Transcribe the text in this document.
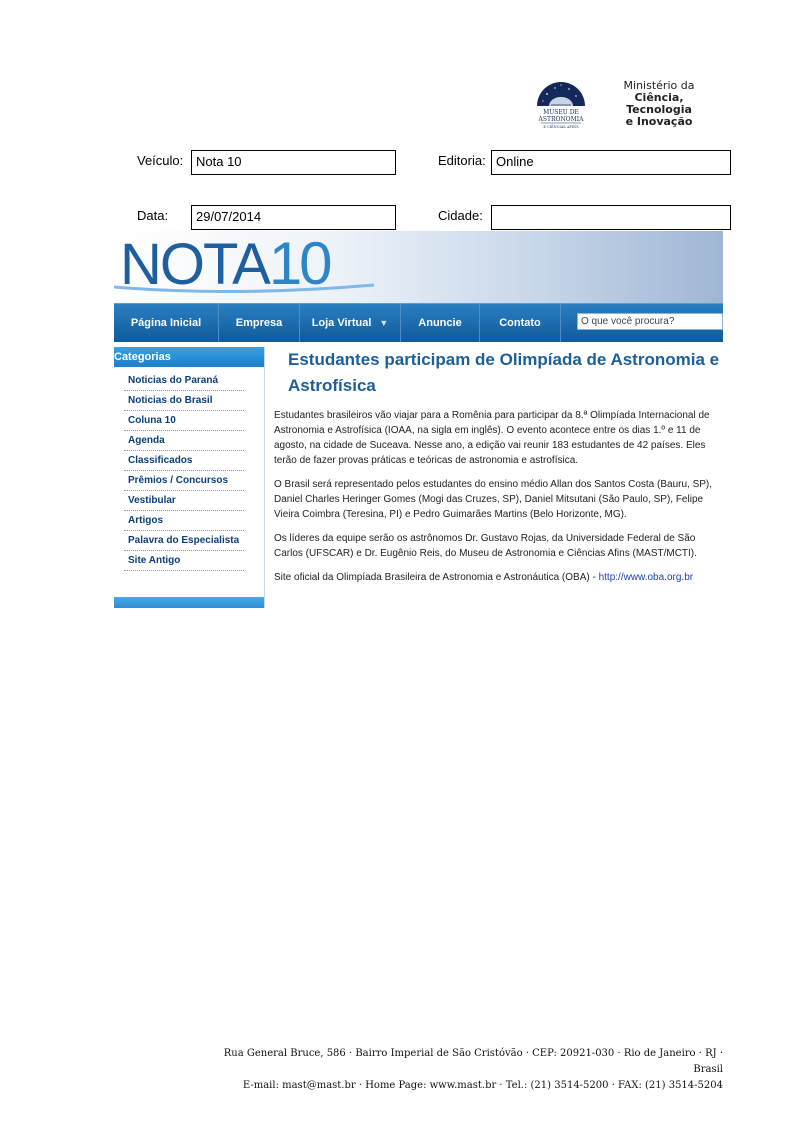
MUSEU DE
ASTRONOMIA
E CIÊNCIAS AFINS
Ministério da
Ciência, Tecnologia
e Inovação
Veículo: Nota 10	Editoria: Online
Data:	29/07/2014	Cidade:
NOTA10
Página Inicial	Empresa	Loja Virtual ▼	Anuncie	Contato	O que você procura?
Categorias
Noticias do Paraná
Noticias do Brasil
Coluna 10
Agenda
Classificados
Prêmios / Concursos
Vestibular
Artigos
Palavra do Especialista
Site Antigo
Estudantes participam de Olimpíada de Astronomia e Astrofísica

Estudantes brasileiros vão viajar para a Romênia para participar da 8.ª Olimpíada Internacional de Astronomia e Astrofísica (IOAA, na sigla em inglês). O evento acontece entre os dias 1.º e 11 de agosto, na cidade de Suceava. Nesse ano, a edição vai reunir 183 estudantes de 42 países. Eles terão de fazer provas práticas e teóricas de astronomia e astrofísica.

O Brasil será representado pelos estudantes do ensino médio Allan dos Santos Costa (Bauru, SP), Daniel Charles Heringer Gomes (Mogi das Cruzes, SP), Daniel Mitsutani (São Paulo, SP), Felipe Vieira Coimbra (Teresina, PI) e Pedro Guimarães Martins (Belo Horizonte, MG).

Os líderes da equipe serão os astrônomos Dr. Gustavo Rojas, da Universidade Federal de São Carlos (UFSCAR) e Dr. Eugênio Reis, do Museu de Astronomia e Ciências Afins (MAST/MCTI).

Site oficial da Olimpíada Brasileira de Astronomia e Astronáutica (OBA) - http://www.oba.org.br

Rua General Bruce, 586 · Bairro Imperial de São Cristóvão · CEP: 20921-030 · Rio de Janeiro · RJ · Brasil
E-mail: mast@mast.br · Home Page: www.mast.br · Tel.: (21) 3514-5200 · FAX: (21) 3514-5204
